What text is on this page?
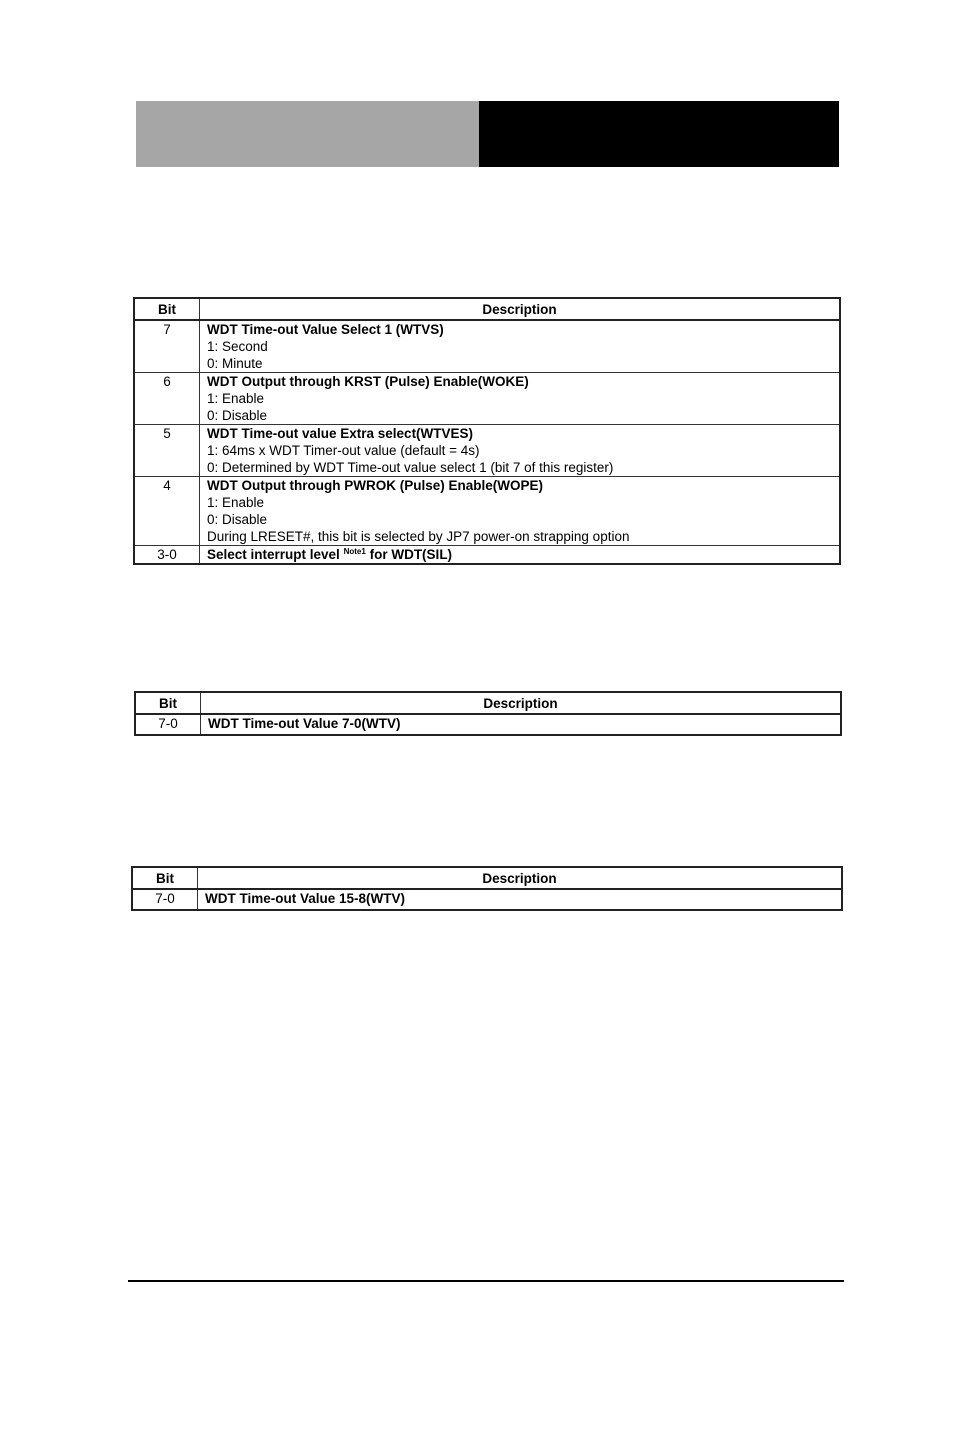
Bit	Description
7	WDT Time-out Value Select 1 (WTVS)
1: Second
0: Minute

6	WDT Output through KRST (Pulse) Enable(WOKE)
1: Enable
0: Disable

5	WDT Time-out value Extra select(WTVES)
1: 64ms x WDT Timer-out value (default = 4s)
0: Determined by WDT Time-out value select 1 (bit 7 of this register)

4	WDT Output through PWROK (Pulse) Enable(WOPE)
1: Enable
0: Disable
During LRESET#, this bit is selected by JP7 power-on strapping option

3-0	Select interrupt level $^{Note1}$ for WDT(SIL)
Bit	Description
7-0	WDT Time-out Value 7-0(WTV)
Bit	Description
7-0	WDT Time-out Value 15-8(WTV)
